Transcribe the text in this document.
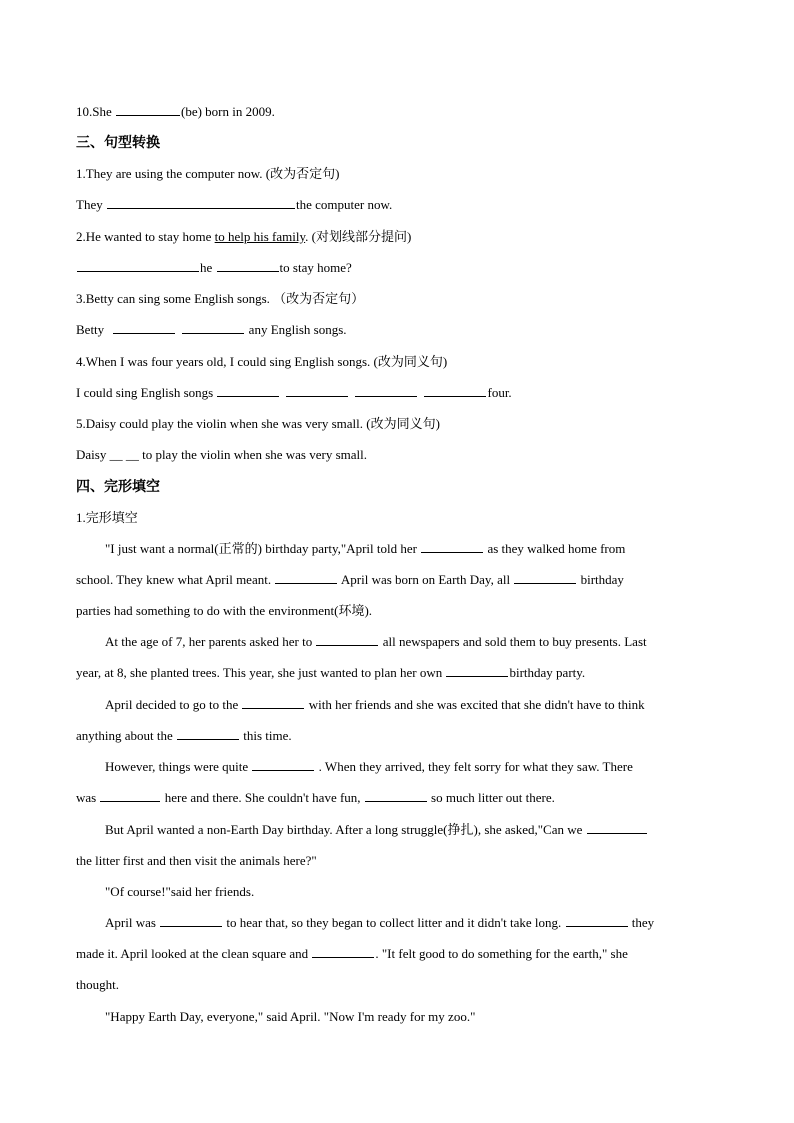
10.She	(be) born in 2009.
三、句型转换
1.They are using the computer now. (改为否定句)
They	the computer now.
2.He wanted to stay home to help his family. (对划线部分提问)
he	to stay home?
3.Betty can sing some English songs. （改为否定句）
Betty	any English songs.
4.When I was four years old, I could sing English songs. (改为同义句)
I could sing English songs	four.
5.Daisy could play the violin when she was very small. (改为同义句)
Daisy __ __ to play the violin when she was very small.
四、完形填空
1.完形填空
"I just want a normal(正常的) birthday party,"April told her	as they walked home from
school. They knew what April meant.	April was born on Earth Day, all	birthday
parties had something to do with the environment(环境).
At the age of 7, her parents asked her to	all newspapers and sold them to buy presents. Last
year, at 8, she planted trees. This year, she just wanted to plan her own	birthday party.
April decided to go to the	with her friends and she was excited that she didn't have to think
anything about the	this time.
However, things were quite	. When they arrived, they felt sorry for what they saw. There
was	here and there. She couldn't have fun,	so much litter out there.
But April wanted a non-Earth Day birthday. After a long struggle(挣扎), she asked,"Can we
the litter first and then visit the animals here?"
"Of course!"said her friends.
April was	to hear that, so they began to collect litter and it didn't take long.	they
made it. April looked at the clean square and	. "It felt good to do something for the earth," she
thought.
"Happy Earth Day, everyone," said April. "Now I'm ready for my zoo."
